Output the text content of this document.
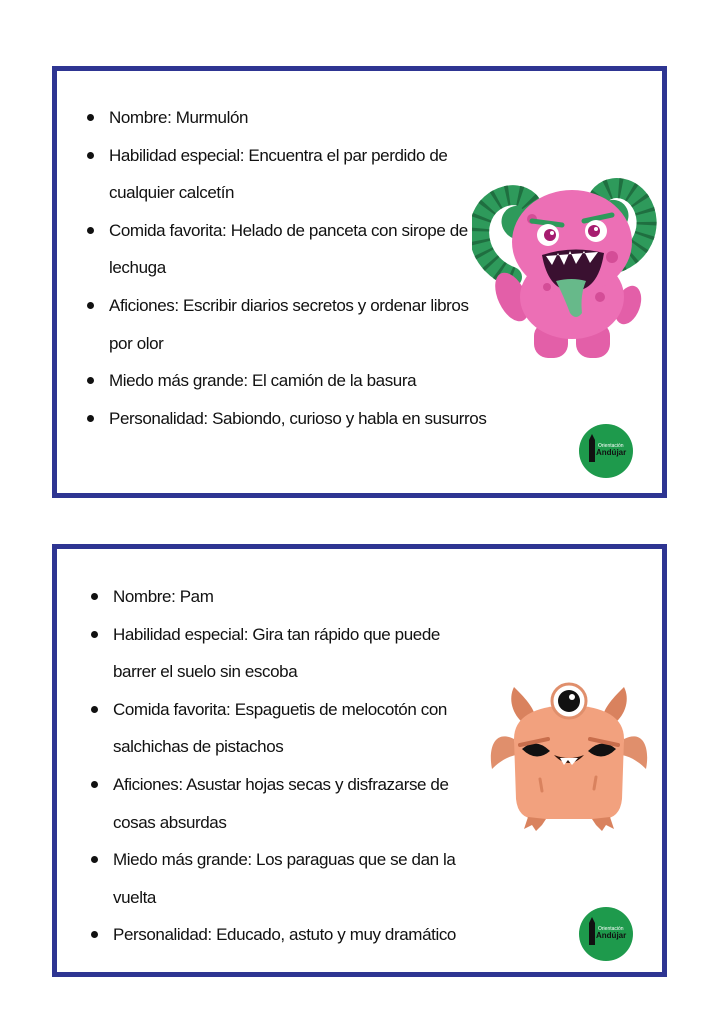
Nombre: Murmulón
Habilidad especial: Encuentra el par perdido de cualquier calcetín
Comida favorita: Helado de panceta con sirope de lechuga
Aficiones: Escribir diarios secretos y ordenar libros por olor
Miedo más grande: El camión de la basura
Personalidad: Sabiondo, curioso y habla en susurros
Orientación
Andújar
Nombre: Pam
Habilidad especial: Gira tan rápido que puede barrer el suelo sin escoba
Comida favorita: Espaguetis de melocotón con salchichas de pistachos
Aficiones: Asustar hojas secas y disfrazarse de cosas absurdas
Miedo más grande: Los paraguas que se dan la vuelta
Personalidad: Educado, astuto y muy dramático	Orientación
Andújar
